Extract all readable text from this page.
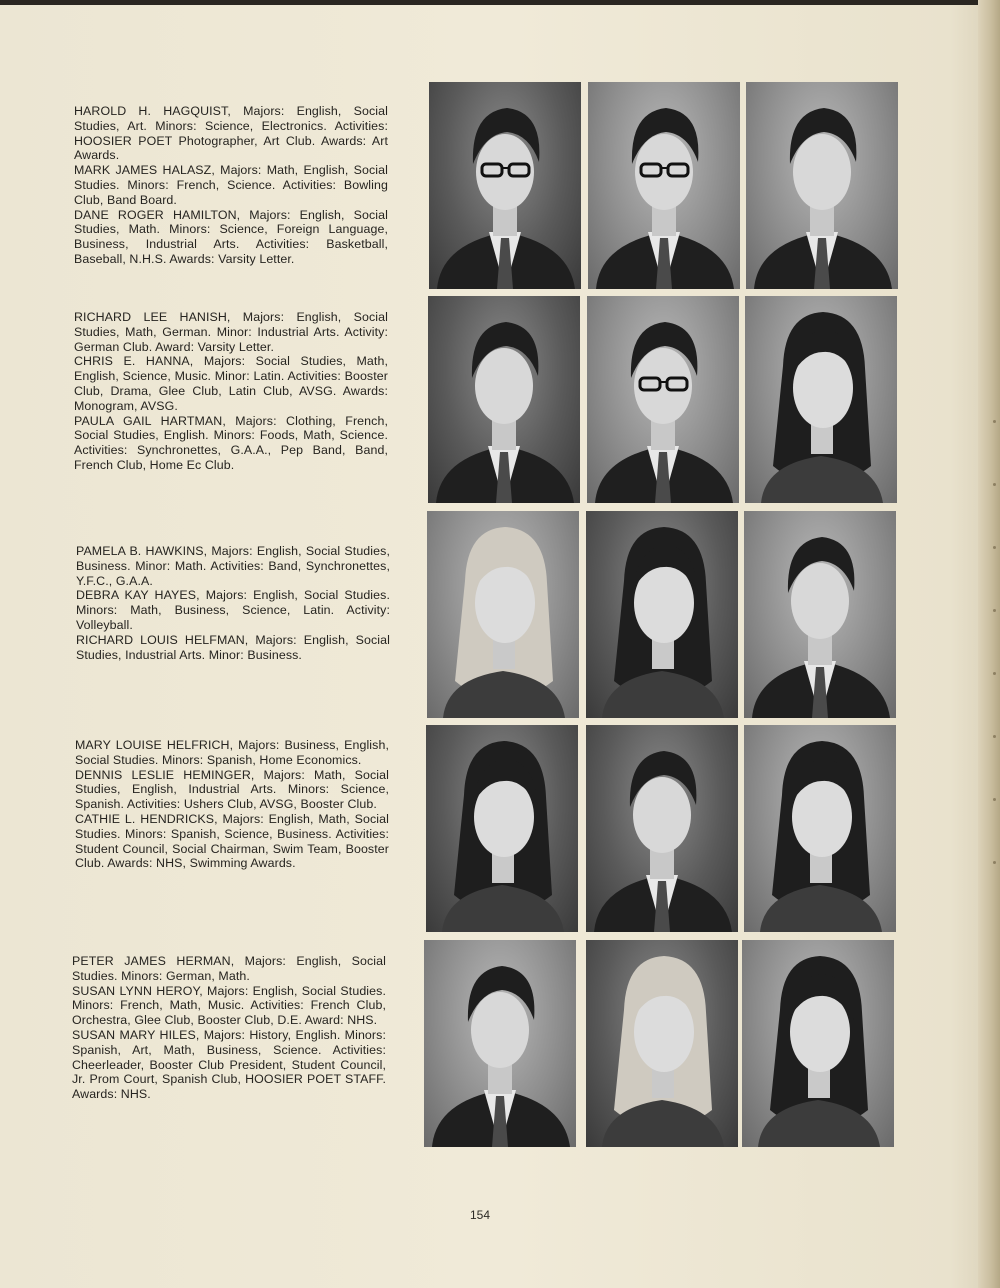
HAROLD H. HAGQUIST, Majors: English, Social Studies, Art. Minors: Science, Electronics. Activities: HOOSIER POET Photographer, Art Club. Awards: Art Awards.

MARK JAMES HALASZ, Majors: Math, English, Social Studies. Minors: French, Science. Activities: Bowling Club, Band Board.

DANE ROGER HAMILTON, Majors: English, Social Studies, Math. Minors: Science, Foreign Language, Business, Industrial Arts. Activities: Basketball, Baseball, N.H.S. Awards: Varsity Letter.

RICHARD LEE HANISH, Majors: English, Social Studies, Math, German. Minor: Industrial Arts. Activity: German Club. Award: Varsity Letter.

CHRIS E. HANNA, Majors: Social Studies, Math, English, Science, Music. Minor: Latin. Activities: Booster Club, Drama, Glee Club, Latin Club, AVSG. Awards: Monogram, AVSG.

PAULA GAIL HARTMAN, Majors: Clothing, French, Social Studies, English. Minors: Foods, Math, Science. Activities: Synchronettes, G.A.A., Pep Band, Band, French Club, Home Ec Club.

PAMELA B. HAWKINS, Majors: English, Social Studies, Business. Minor: Math. Activities: Band, Synchronettes, Y.F.C., G.A.A.

DEBRA KAY HAYES, Majors: English, Social Studies. Minors: Math, Business, Science, Latin. Activity: Volleyball.

RICHARD LOUIS HELFMAN, Majors: English, Social Studies, Industrial Arts. Minor: Business.

MARY LOUISE HELFRICH, Majors: Business, English, Social Studies. Minors: Spanish, Home Economics.

DENNIS LESLIE HEMINGER, Majors: Math, Social Studies, English, Industrial Arts. Minors: Science, Spanish. Activities: Ushers Club, AVSG, Booster Club.

CATHIE L. HENDRICKS, Majors: English, Math, Social Studies. Minors: Spanish, Science, Business. Activities: Student Council, Social Chairman, Swim Team, Booster Club. Awards: NHS, Swimming Awards.

PETER JAMES HERMAN, Majors: English, Social Studies. Minors: German, Math.

SUSAN LYNN HEROY, Majors: English, Social Studies. Minors: French, Math, Music. Activities: French Club, Orchestra, Glee Club, Booster Club, D.E. Award: NHS.

SUSAN MARY HILES, Majors: History, English. Minors: Spanish, Art, Math, Business, Science. Activities: Cheerleader, Booster Club President, Student Council, Jr. Prom Court, Spanish Club, HOOSIER POET STAFF. Awards: NHS.

154
